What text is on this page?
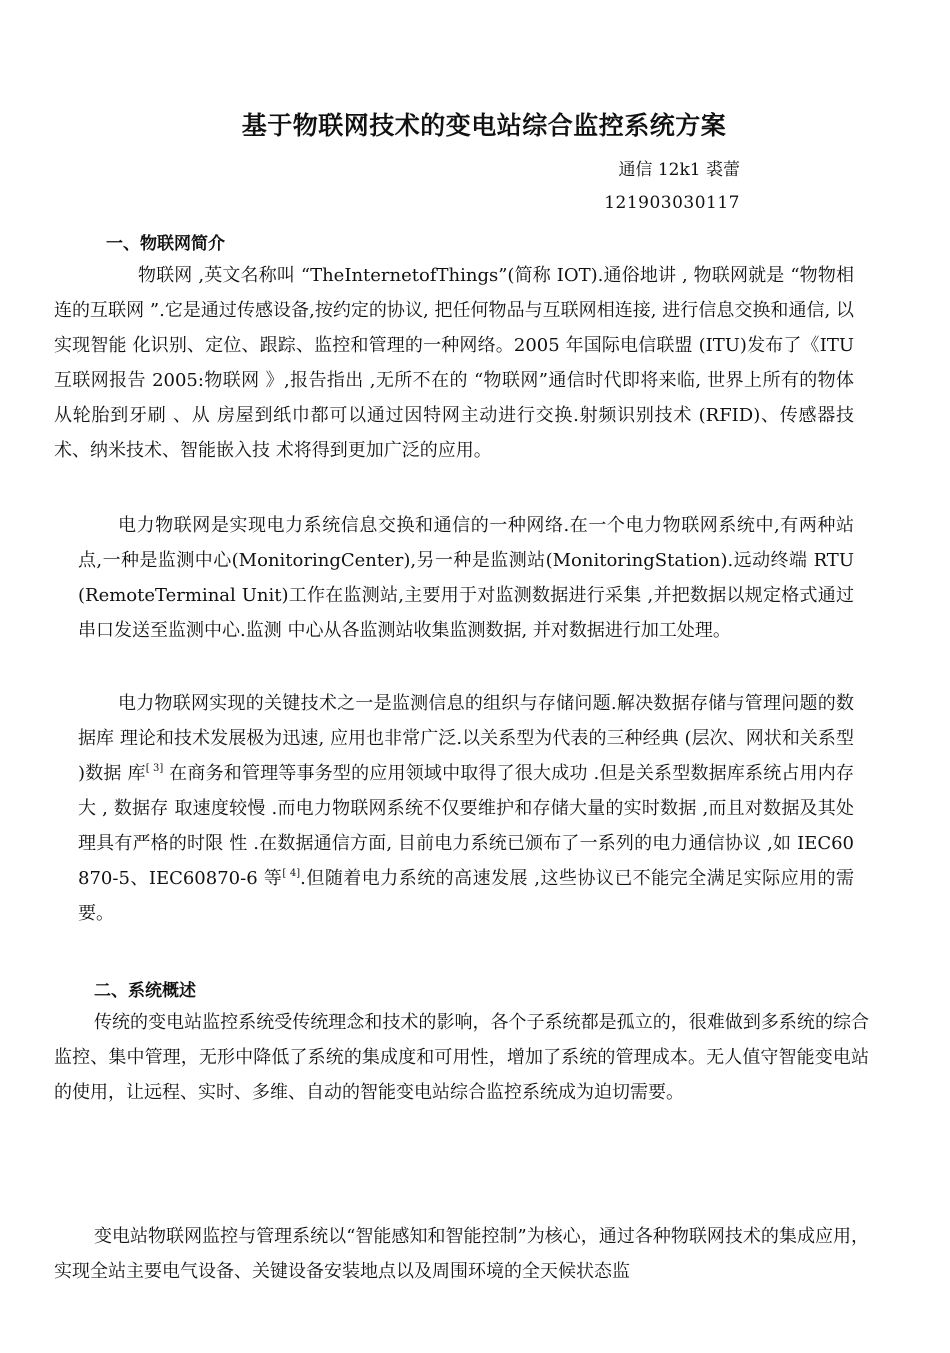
基于物联网技术的变电站综合监控系统方案

通信 12k1 裘蕾

121903030117

一、物联网简介

物联网 ,英文名称叫 “TheInternetofThings”(简称 IOT).通俗地讲 , 物联网就是 “物物相连的互联网 ”.它是通过传感设备,按约定的协议, 把任何物品与互联网相连接, 进行信息交换和通信, 以实现智能 化识别、定位、跟踪、监控和管理的一种网络。2005 年国际电信联盟 (ITU)发布了《ITU 互联网报告 2005:物联网 》,报告指出 ,无所不在的 “物联网”通信时代即将来临, 世界上所有的物体从轮胎到牙刷 、从 房屋到纸巾都可以通过因特网主动进行交换.射频识别技术 (RFID)、传感器技术、纳米技术、智能嵌入技 术将得到更加广泛的应用。

电力物联网是实现电力系统信息交换和通信的一种网络.在一个电力物联网系统中,有两种站点,一种是监测中心(MonitoringCenter),另一种是监测站(MonitoringStation).远动终端 RTU(RemoteTerminal Unit)工作在监测站,主要用于对监测数据进行采集 ,并把数据以规定格式通过串口发送至监测中心.监测 中心从各监测站收集监测数据, 并对数据进行加工处理。

电力物联网实现的关键技术之一是监测信息的组织与存储问题.解决数据存储与管理问题的数据库 理论和技术发展极为迅速, 应用也非常广泛.以关系型为代表的三种经典 (层次、网状和关系型 )数据 库[ 3] 在商务和管理等事务型的应用领域中取得了很大成功 .但是关系型数据库系统占用内存大 , 数据存 取速度较慢 .而电力物联网系统不仅要维护和存储大量的实时数据 ,而且对数据及其处理具有严格的时限 性 .在数据通信方面, 目前电力系统已颁布了一系列的电力通信协议 ,如 IEC60870-5、IEC60870-6 等[ 4].但随着电力系统的高速发展 ,这些协议已不能完全满足实际应用的需要。

二、系统概述

传统的变电站监控系统受传统理念和技术的影响，各个子系统都是孤立的，很难做到多系统的综合监控、集中管理，无形中降低了系统的集成度和可用性，增加了系统的管理成本。无人值守智能变电站的使用，让远程、实时、多维、自动的智能变电站综合监控系统成为迫切需要。

变电站物联网监控与管理系统以“智能感知和智能控制”为核心，通过各种物联网技术的集成应用，实现全站主要电气设备、关键设备安装地点以及周围环境的全天候状态监
